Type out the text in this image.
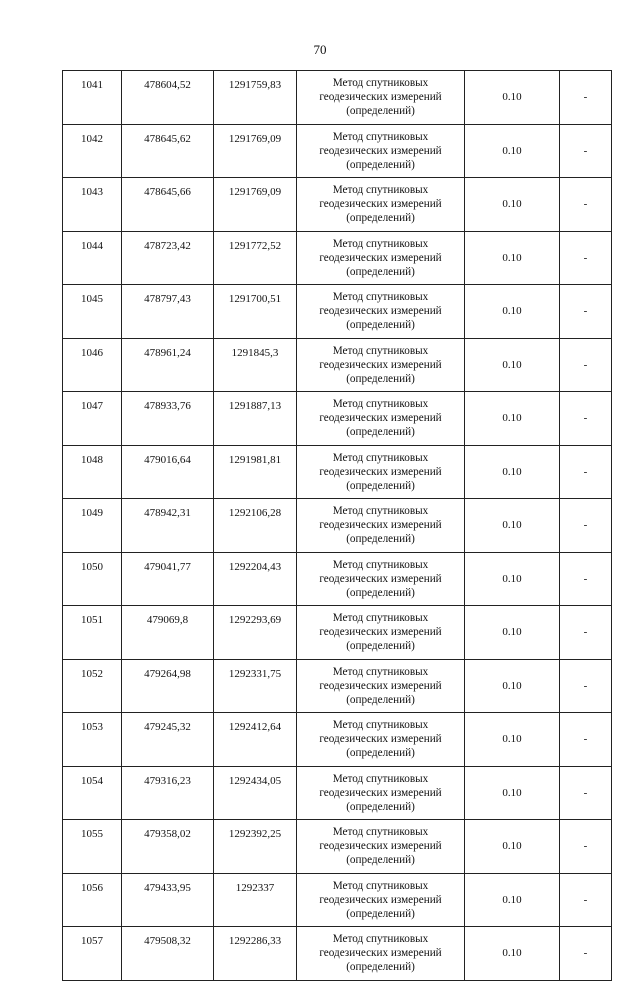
70
1041	478604,52	1291759,83	Метод спутниковых
геодезических измерений
(определений)	0.10	-
1042	478645,62	1291769,09	Метод спутниковых
геодезических измерений
(определений)	0.10	-
1043	478645,66	1291769,09	Метод спутниковых
геодезических измерений
(определений)	0.10	-
1044	478723,42	1291772,52	Метод спутниковых
геодезических измерений
(определений)	0.10	-
1045	478797,43	1291700,51	Метод спутниковых
геодезических измерений
(определений)	0.10	-
1046	478961,24	1291845,3	Метод спутниковых
геодезических измерений
(определений)	0.10	-
1047	478933,76	1291887,13	Метод спутниковых
геодезических измерений
(определений)	0.10	-
1048	479016,64	1291981,81	Метод спутниковых
геодезических измерений
(определений)	0.10	-
1049	478942,31	1292106,28	Метод спутниковых
геодезических измерений
(определений)	0.10	-
1050	479041,77	1292204,43	Метод спутниковых
геодезических измерений
(определений)	0.10	-
1051	479069,8	1292293,69	Метод спутниковых
геодезических измерений
(определений)	0.10	-
1052	479264,98	1292331,75	Метод спутниковых
геодезических измерений
(определений)	0.10	-
1053	479245,32	1292412,64	Метод спутниковых
геодезических измерений
(определений)	0.10	-
1054	479316,23	1292434,05	Метод спутниковых
геодезических измерений
(определений)	0.10	-
1055	479358,02	1292392,25	Метод спутниковых
геодезических измерений
(определений)	0.10	-
1056	479433,95	1292337	Метод спутниковых
геодезических измерений
(определений)	0.10	-
1057	479508,32	1292286,33	Метод спутниковых
геодезических измерений
(определений)	0.10	-
